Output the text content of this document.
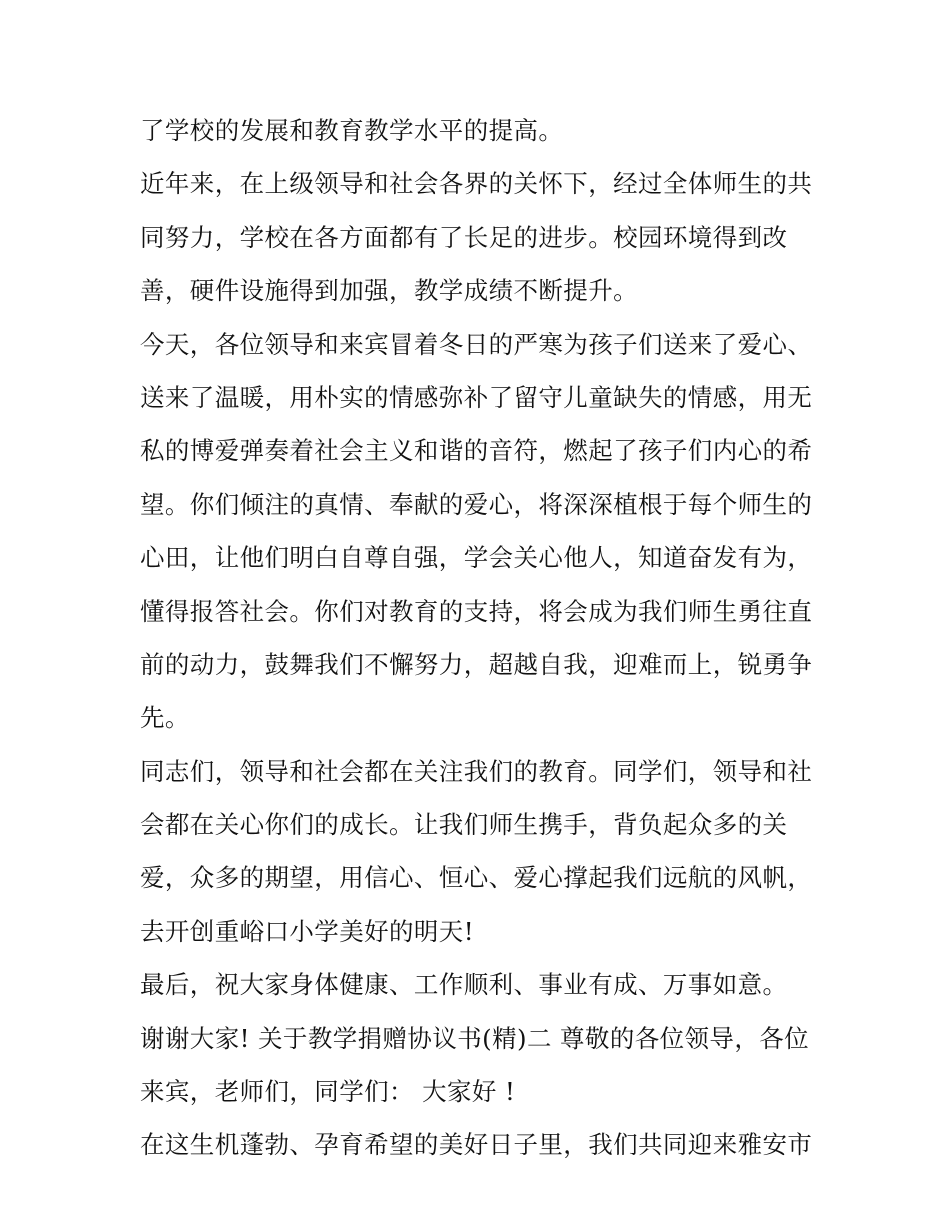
了学校的发展和教育教学水平的提高。
近年来，在上级领导和社会各界的关怀下，经过全体师生的共
同努力，学校在各方面都有了长足的进步。校园环境得到改
善，硬件设施得到加强，教学成绩不断提升。
今天，各位领导和来宾冒着冬日的严寒为孩子们送来了爱心、
送来了温暖，用朴实的情感弥补了留守儿童缺失的情感，用无
私的博爱弹奏着社会主义和谐的音符，燃起了孩子们内心的希
望。你们倾注的真情、奉献的爱心，将深深植根于每个师生的
心田，让他们明白自尊自强，学会关心他人，知道奋发有为，
懂得报答社会。你们对教育的支持，将会成为我们师生勇往直
前的动力，鼓舞我们不懈努力，超越自我，迎难而上，锐勇争
先。
同志们，领导和社会都在关注我们的教育。同学们，领导和社
会都在关心你们的成长。让我们师生携手，背负起众多的关
爱，众多的期望，用信心、恒心、爱心撑起我们远航的风帆，
去开创重峪口小学美好的明天!
最后，祝大家身体健康、工作顺利、事业有成、万事如意。
谢谢大家! 关于教学捐赠协议书(精)二 尊敬的各位领导，各位
来宾，老师们，同学们： 大家好 !
在这生机蓬勃、孕育希望的美好日子里，我们共同迎来雅安市
